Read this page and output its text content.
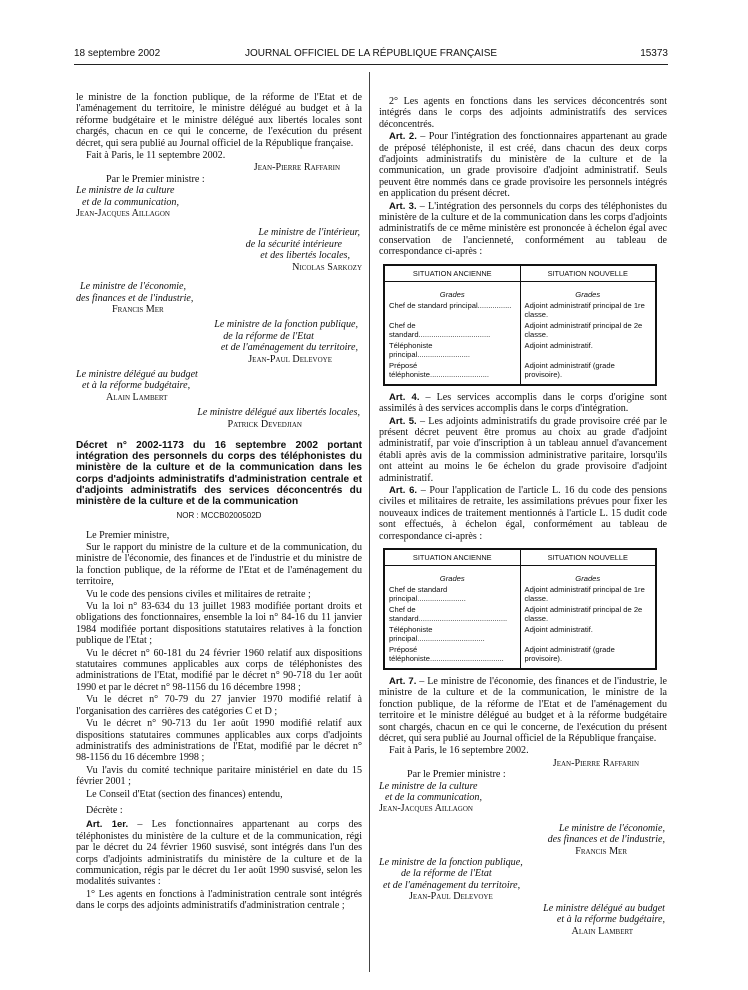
18 septembre 2002	JOURNAL OFFICIEL DE LA RÉPUBLIQUE FRANÇAISE	15373

le ministre de la fonction publique, de la réforme de l'Etat et de l'aménagement du territoire, le ministre délégué au budget et à la réforme budgétaire et le ministre délégué aux libertés locales sont chargés, chacun en ce qui le concerne, de l'exécution du présent décret, qui sera publié au Journal officiel de la République française.

Fait à Paris, le 11 septembre 2002.

Jean-Pierre Raffarin
Par le Premier ministre :
Le ministre de la culture
et de la communication,
Jean-Jacques Aillagon
Le ministre de l'intérieur,
de la sécurité intérieure
et des libertés locales,
Nicolas Sarkozy
Le ministre de l'économie,
des finances et de l'industrie,
Francis Mer
Le ministre de la fonction publique,
de la réforme de l'Etat
et de l'aménagement du territoire,
Jean-Paul Delevoye
Le ministre délégué au budget
et à la réforme budgétaire,
Alain Lambert
Le ministre délégué aux libertés locales,
Patrick Devedjian
Décret n° 2002-1173 du 16 septembre 2002 portant intégration des personnels du corps des téléphonistes du ministère de la culture et de la communication dans les corps d'adjoints administratifs d'administration centrale et d'adjoints administratifs des services déconcentrés du ministère de la culture et de la communication
NOR : MCCB0200502D

Le Premier ministre,

Sur le rapport du ministre de la culture et de la communication, du ministre de l'économie, des finances et de l'industrie et du ministre de la fonction publique, de la réforme de l'Etat et de l'aménagement du territoire,

Vu le code des pensions civiles et militaires de retraite ;

Vu la loi n° 83-634 du 13 juillet 1983 modifiée portant droits et obligations des fonctionnaires, ensemble la loi n° 84-16 du 11 janvier 1984 modifiée portant dispositions statutaires relatives à la fonction publique de l'Etat ;

Vu le décret n° 60-181 du 24 février 1960 relatif aux dispositions statutaires communes applicables aux corps de téléphonistes des administrations de l'Etat, modifié par le décret n° 90-718 du 1er août 1990 et par le décret n° 98-1156 du 16 décembre 1998 ;

Vu le décret n° 70-79 du 27 janvier 1970 modifié relatif à l'organisation des carrières des catégories C et D ;

Vu le décret n° 90-713 du 1er août 1990 modifié relatif aux dispositions statutaires communes applicables aux corps d'adjoints administratifs des administrations de l'Etat, modifié par le décret n° 98-1156 du 16 décembre 1998 ;

Vu l'avis du comité technique paritaire ministériel en date du 15 février 2001 ;

Le Conseil d'Etat (section des finances) entendu,

Décrète :

Art. 1er. – Les fonctionnaires appartenant au corps des téléphonistes du ministère de la culture et de la communication, régi par le décret du 24 février 1960 susvisé, sont intégrés dans l'un des corps d'adjoints administratifs du ministère de la culture et de la communication, régis par le décret du 1er août 1990 susvisé, selon les modalités suivantes :

1° Les agents en fonctions à l'administration centrale sont intégrés dans le corps des adjoints administratifs d'administration centrale ;

2° Les agents en fonctions dans les services déconcentrés sont intégrés dans le corps des adjoints administratifs des services déconcentrés.

Art. 2. – Pour l'intégration des fonctionnaires appartenant au grade de préposé téléphoniste, il est créé, dans chacun des deux corps d'adjoints administratifs du ministère de la culture et de la communication, un grade provisoire d'adjoint administratif. Seuls peuvent être nommés dans ce grade provisoire les personnels intégrés en application du présent décret.

Art. 3. – L'intégration des personnels du corps des téléphonistes du ministère de la culture et de la communication dans les corps d'adjoints administratifs de ce même ministère est prononcée à échelon égal avec conservation de l'ancienneté, conformément au tableau de correspondance ci-après :

SITUATION ANCIENNE	SITUATION NOUVELLE
Grades	Grades
Chef de standard principal................	Adjoint administratif principal de 1re classe.
Chef de standard..................................	Adjoint administratif principal de 2e classe.
Téléphoniste principal.........................	Adjoint administratif.
Préposé téléphoniste............................	Adjoint administratif (grade provisoire).

Art. 4. – Les services accomplis dans le corps d'origine sont assimilés à des services accomplis dans le corps d'intégration.

Art. 5. – Les adjoints administratifs du grade provisoire créé par le présent décret peuvent être promus au choix au grade d'adjoint administratif, par voie d'inscription à un tableau annuel d'avancement établi après avis de la commission administrative paritaire, lorsqu'ils ont atteint au moins le 6e échelon du grade provisoire d'adjoint administratif.

Art. 6. – Pour l'application de l'article L. 16 du code des pensions civiles et militaires de retraite, les assimilations prévues pour fixer les nouveaux indices de traitement mentionnés à l'article L. 15 dudit code sont effectués, à échelon égal, conformément au tableau de correspondance ci-après :

SITUATION ANCIENNE	SITUATION NOUVELLE
Grades	Grades
Chef de standard principal.......................	Adjoint administratif principal de 1re classe.
Chef de standard..........................................	Adjoint administratif principal de 2e classe.
Téléphoniste principal................................	Adjoint administratif.
Préposé téléphoniste...................................	Adjoint administratif (grade provisoire).

Art. 7. – Le ministre de l'économie, des finances et de l'industrie, le ministre de la culture et de la communication, le ministre de la fonction publique, de la réforme de l'Etat et de l'aménagement du territoire et le ministre délégué au budget et à la réforme budgétaire sont chargés, chacun en ce qui le concerne, de l'exécution du présent décret, qui sera publié au Journal officiel de la République française.

Fait à Paris, le 16 septembre 2002.

Jean-Pierre Raffarin
Par le Premier ministre :
Le ministre de la culture
et de la communication,
Jean-Jacques Aillagon
Le ministre de l'économie,
des finances et de l'industrie,
Francis Mer
Le ministre de la fonction publique,
de la réforme de l'Etat
et de l'aménagement du territoire,
Jean-Paul Delevoye
Le ministre délégué au budget
et à la réforme budgétaire,
Alain Lambert
